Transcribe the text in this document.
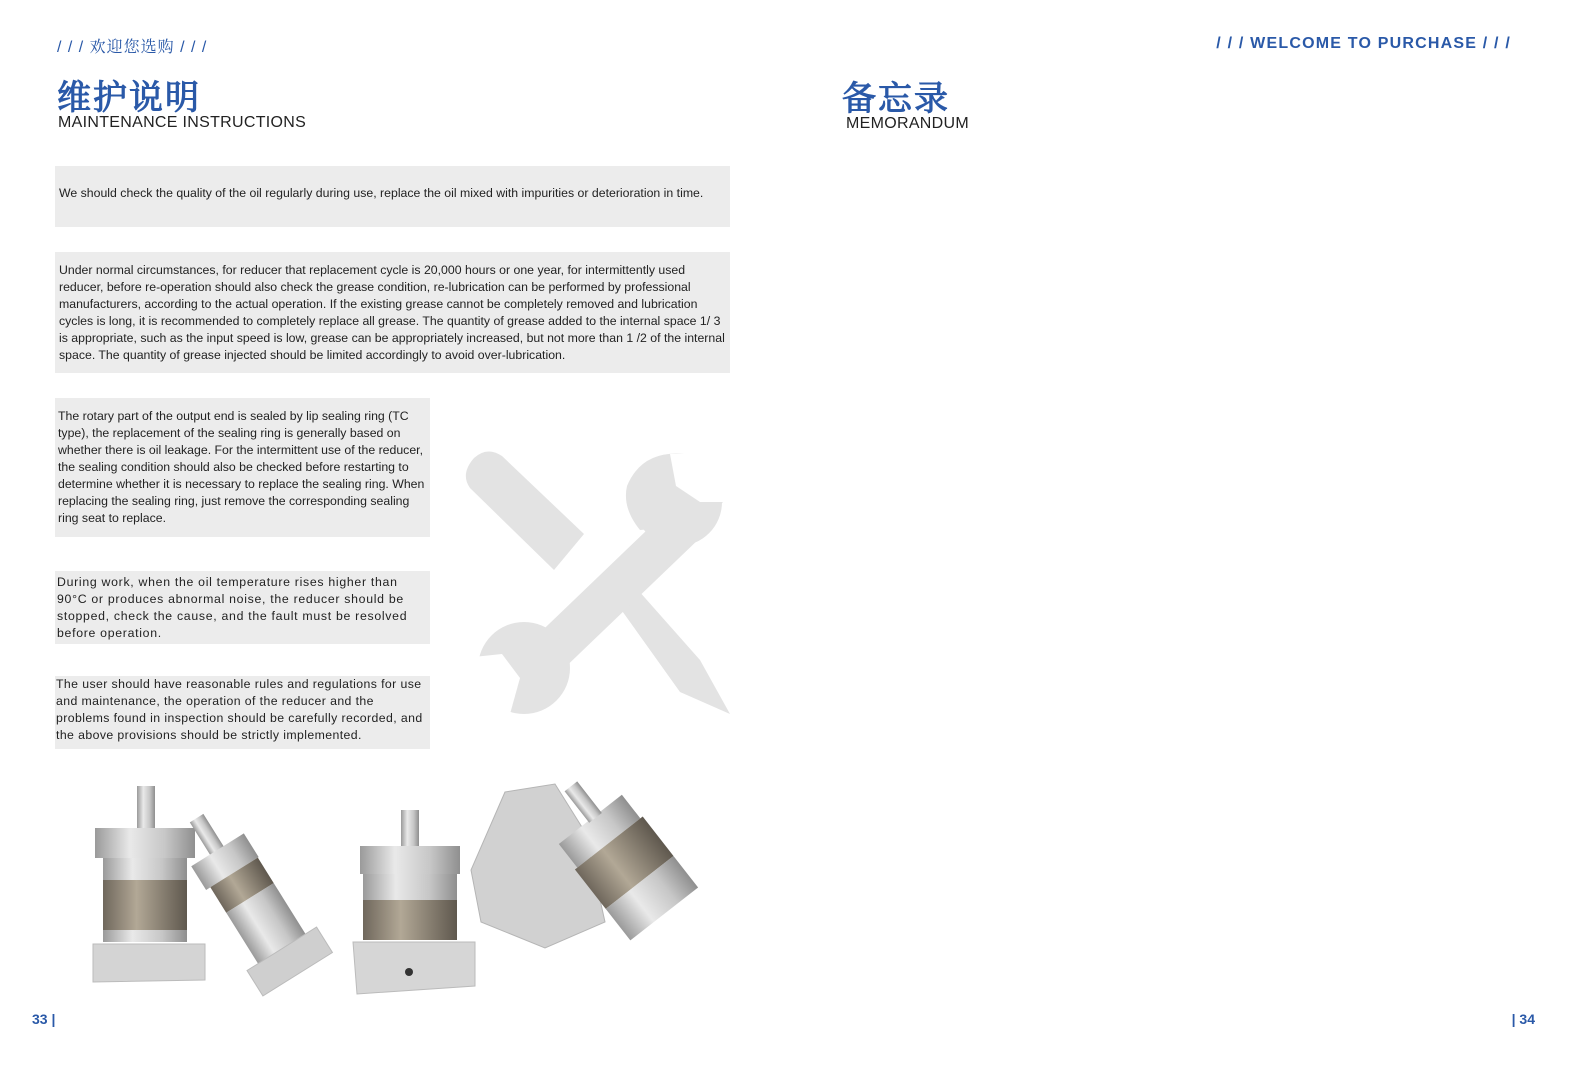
/ / / 欢迎您选购 / / /
维护说明
MAINTENANCE INSTRUCTIONS
We should check the quality of the oil regularly during use, replace the oil mixed with impurities or deterioration in time.
Under normal circumstances, for reducer that replacement cycle is 20,000 hours or one year, for intermittently used reducer, before re-operation should also check the grease condition, re-lubrication can be performed by professional manufacturers, according to the actual operation. If the existing grease cannot be completely removed and lubrication cycles is long, it is recommended to completely replace all grease. The quantity of grease added to the internal space 1/ 3 is appropriate, such as the input speed is low, grease can be appropriately increased, but not more than 1 /2 of the internal space. The quantity of grease injected should be limited accordingly to avoid over-lubrication.
The rotary part of the output end is sealed by lip sealing ring (TC type), the replacement of the sealing ring is generally based on whether there is oil leakage. For the intermittent use of the reducer, the sealing condition should also be checked before restarting to determine whether it is necessary to replace the sealing ring. When replacing the sealing ring, just remove the corresponding sealing ring seat to replace.
During work, when the oil temperature rises higher than 90°C or produces abnormal noise, the reducer should be stopped, check the cause, and the fault must be resolved before operation.
The user should have reasonable rules and regulations for use and maintenance, the operation of the reducer and the problems found in inspection should be carefully recorded, and the above provisions should be strictly implemented.
33 |
/ / / WELCOME TO PURCHASE / / /
备忘录
MEMORANDUM
| 34
